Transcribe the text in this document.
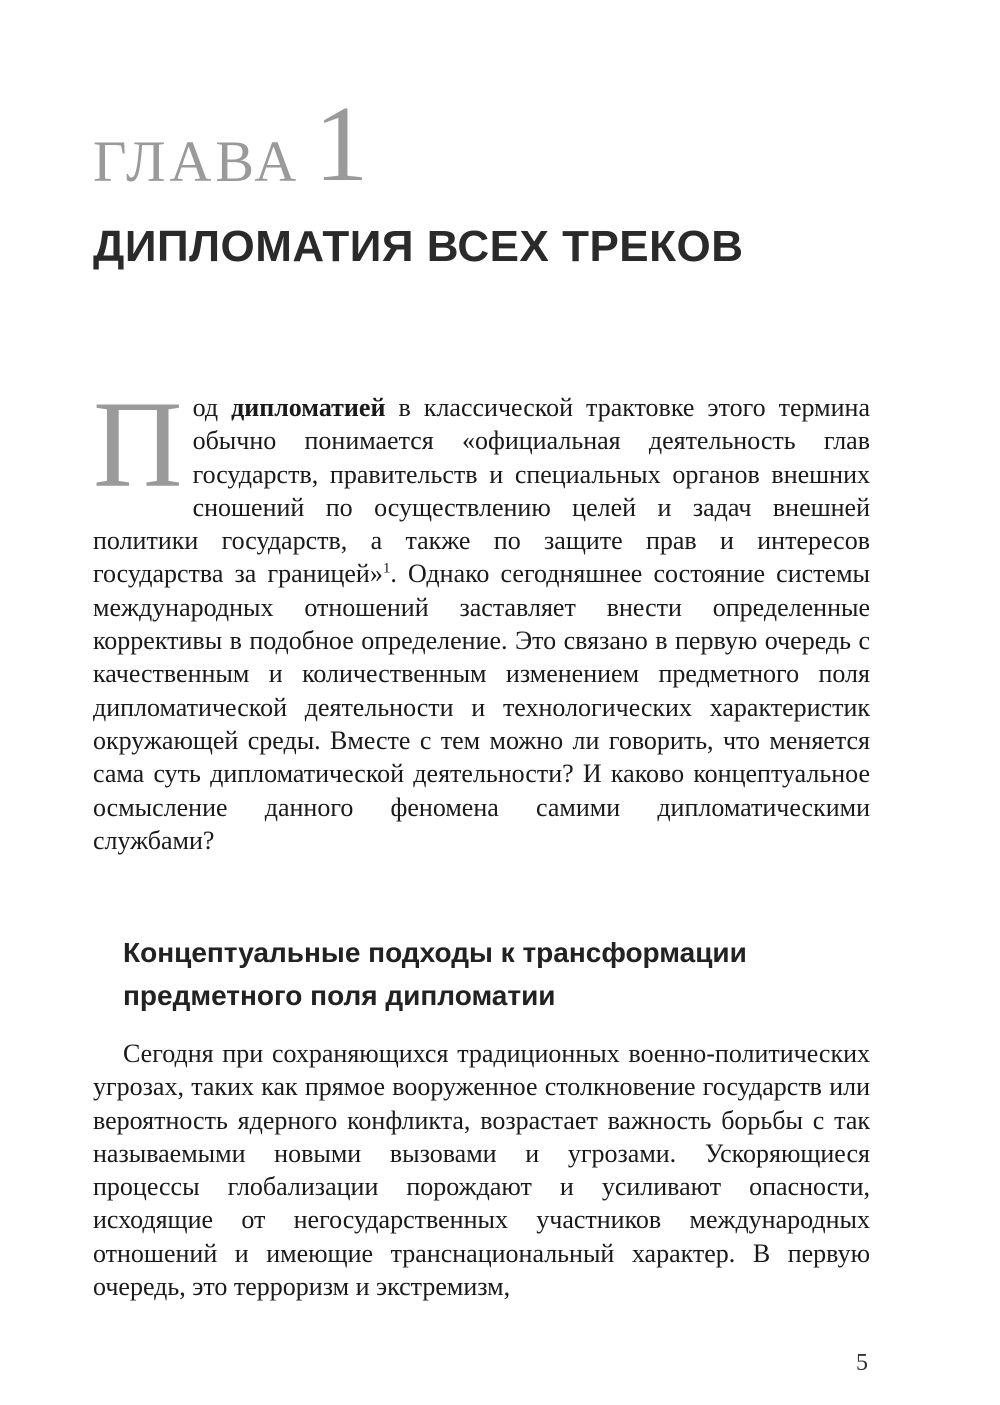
ГЛАВА 1
ДИПЛОМАТИЯ ВСЕХ ТРЕКОВ

Под дипломатией в классической трактовке этого термина обычно понимается «официальная деятельность глав государств, правительств и специальных органов внешних сношений по осуществлению целей и задач внешней политики государств, а также по защите прав и интересов государства за границей»$^1$. Однако сегодняшнее состояние системы международных отношений заставляет внести определенные коррективы в подобное определение. Это связано в первую очередь с качественным и количественным изменением предметного поля дипломатической деятельности и технологических характеристик окружающей среды. Вместе с тем можно ли говорить, что меняется сама суть дипломатической деятельности? И каково концептуальное осмысление данного феномена самими дипломатическими службами?

Концептуальные подходы к трансформации предметного поля дипломатии

Сегодня при сохраняющихся традиционных военно-политических угрозах, таких как прямое вооруженное столкновение государств или вероятность ядерного конфликта, возрастает важность борьбы с так называемыми новыми вызовами и угрозами. Ускоряющиеся процессы глобализации порождают и усиливают опасности, исходящие от негосударственных участников международных отношений и имеющие транснациональный характер. В первую очередь, это терроризм и экстремизм,

5
